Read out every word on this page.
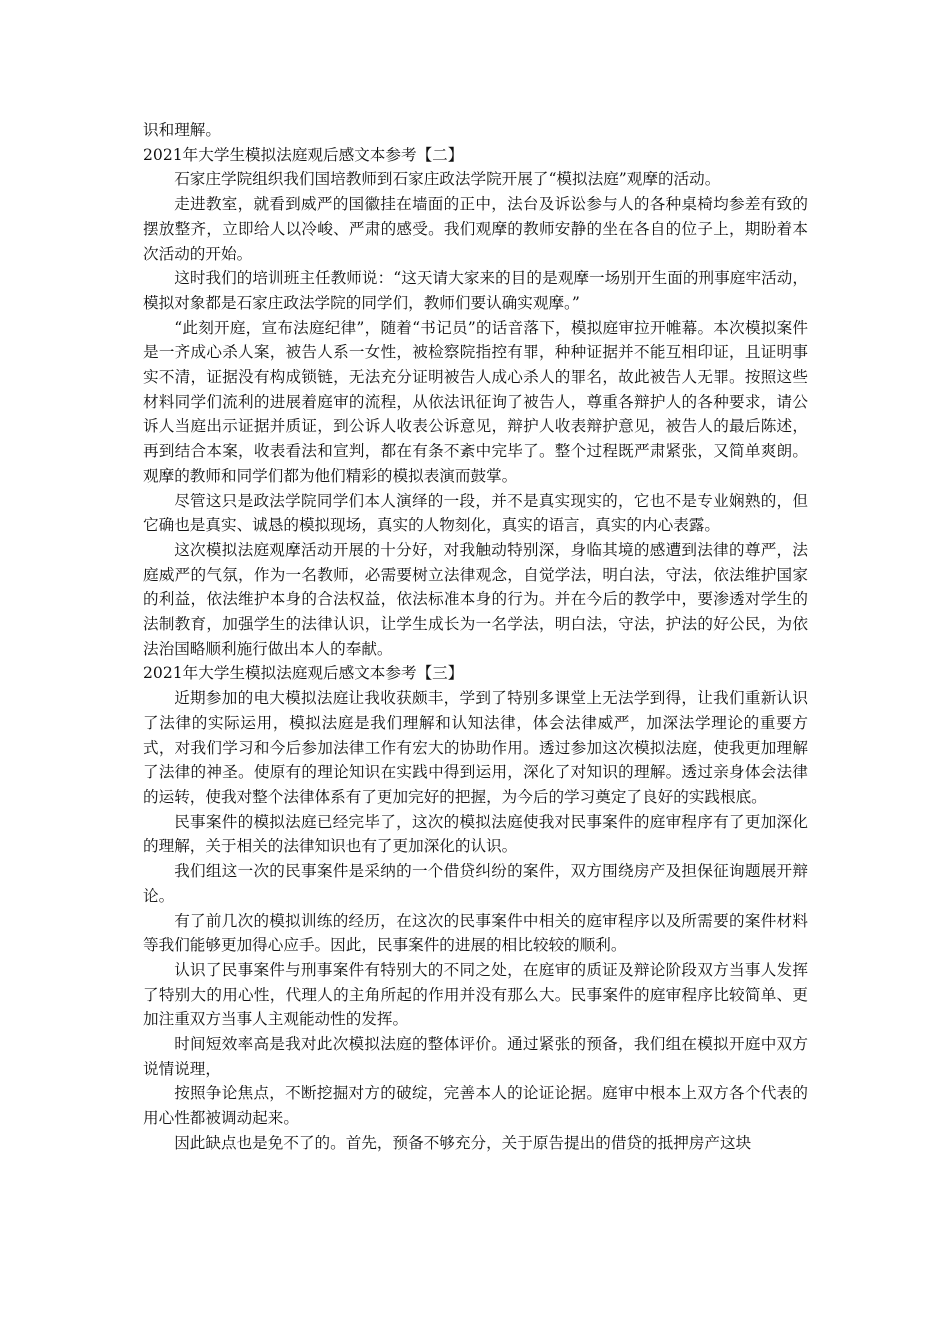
识和理解。

2021年大学生模拟法庭观后感文本参考【二】

石家庄学院组织我们国培教师到石家庄政法学院开展了“模拟法庭”观摩的活动。

走进教室，就看到威严的国徽挂在墙面的正中，法台及诉讼参与人的各种桌椅均参差有致的摆放整齐，立即给人以冷峻、严肃的感受。我们观摩的教师安静的坐在各自的位子上，期盼着本次活动的开始。

这时我们的培训班主任教师说：“这天请大家来的目的是观摩一场别开生面的刑事庭牢活动，模拟对象都是石家庄政法学院的同学们，教师们要认确实观摩。”

“此刻开庭，宣布法庭纪律”，随着“书记员”的话音落下，模拟庭审拉开帷幕。本次模拟案件是一齐成心杀人案，被告人系一女性，被检察院指控有罪，种种证据并不能互相印证，且证明事实不清，证据没有构成锁链，无法充分证明被告人成心杀人的罪名，故此被告人无罪。按照这些材料同学们流利的进展着庭审的流程，从依法讯征询了被告人，尊重各辩护人的各种要求，请公诉人当庭出示证据并质证，到公诉人收表公诉意见，辩护人收表辩护意见，被告人的最后陈述，再到结合本案，收表看法和宣判，都在有条不紊中完毕了。整个过程既严肃紧张，又简单爽朗。观摩的教师和同学们都为他们精彩的模拟表演而鼓掌。

尽管这只是政法学院同学们本人演绎的一段，并不是真实现实的，它也不是专业娴熟的，但它确也是真实、诚恳的模拟现场，真实的人物刻化，真实的语言，真实的内心表露。

这次模拟法庭观摩活动开展的十分好，对我触动特别深，身临其境的感遭到法律的尊严，法庭威严的气氛，作为一名教师，必需要树立法律观念，自觉学法，明白法，守法，依法维护国家的利益，依法维护本身的合法权益，依法标准本身的行为。并在今后的教学中，要渗透对学生的法制教育，加强学生的法律认识，让学生成长为一名学法，明白法，守法，护法的好公民，为依法治国略顺利施行做出本人的奉献。

2021年大学生模拟法庭观后感文本参考【三】

近期参加的电大模拟法庭让我收获颇丰，学到了特别多课堂上无法学到得，让我们重新认识了法律的实际运用，模拟法庭是我们理解和认知法律，体会法律威严，加深法学理论的重要方式，对我们学习和今后参加法律工作有宏大的协助作用。透过参加这次模拟法庭，使我更加理解了法律的神圣。使原有的理论知识在实践中得到运用，深化了对知识的理解。透过亲身体会法律的运转，使我对整个法律体系有了更加完好的把握，为今后的学习奠定了良好的实践根底。

民事案件的模拟法庭已经完毕了，这次的模拟法庭使我对民事案件的庭审程序有了更加深化的理解，关于相关的法律知识也有了更加深化的认识。

我们组这一次的民事案件是采纳的一个借贷纠纷的案件，双方围绕房产及担保征询题展开辩论。

有了前几次的模拟训练的经历，在这次的民事案件中相关的庭审程序以及所需要的案件材料等我们能够更加得心应手。因此，民事案件的进展的相比较较的顺利。

认识了民事案件与刑事案件有特别大的不同之处，在庭审的质证及辩论阶段双方当事人发挥了特别大的用心性，代理人的主角所起的作用并没有那么大。民事案件的庭审程序比较简单、更加注重双方当事人主观能动性的发挥。

时间短效率高是我对此次模拟法庭的整体评价。通过紧张的预备，我们组在模拟开庭中双方说情说理，

按照争论焦点，不断挖掘对方的破绽，完善本人的论证论据。庭审中根本上双方各个代表的用心性都被调动起来。

因此缺点也是免不了的。首先，预备不够充分，关于原告提出的借贷的抵押房产这块
